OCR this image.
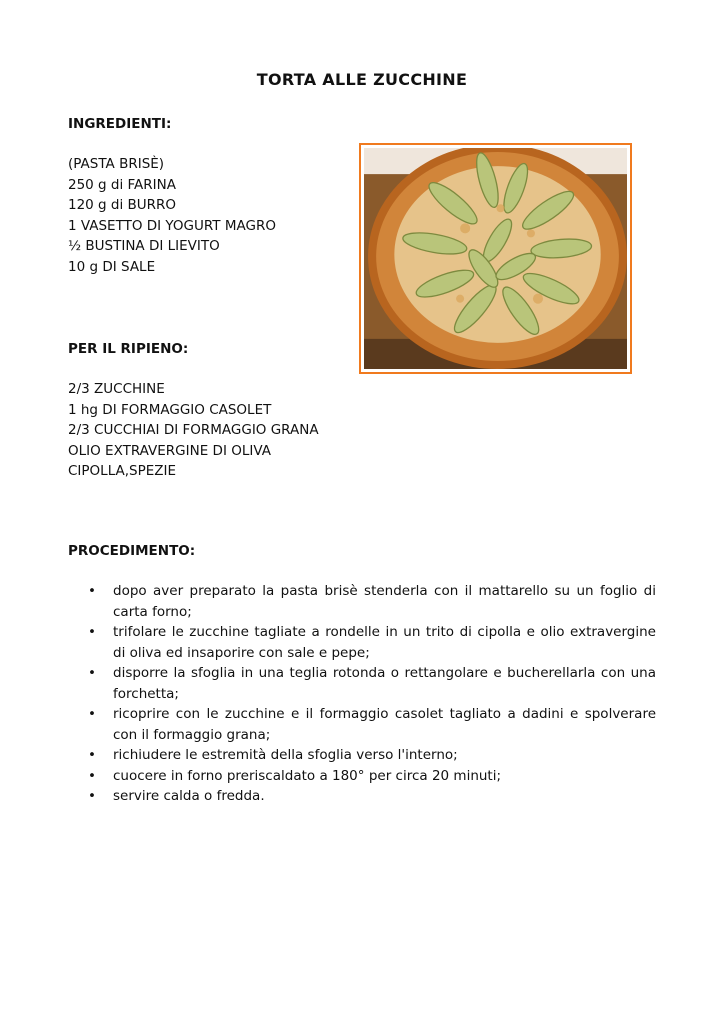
TORTA ALLE ZUCCHINE
INGREDIENTI:
(PASTA BRISÈ)
250 g di FARINA
120 g di BURRO
1 VASETTO DI YOGURT MAGRO
½ BUSTINA DI LIEVITO
10 g DI SALE
PER IL RIPIENO:
2/3 ZUCCHINE
1 hg DI FORMAGGIO CASOLET
2/3 CUCCHIAI DI FORMAGGIO GRANA
OLIO EXTRAVERGINE DI OLIVA
CIPOLLA,SPEZIE
PROCEDIMENTO:
• dopo aver preparato la pasta brisè stenderla con il mattarello su un foglio di carta forno;
• trifolare le zucchine tagliate a rondelle in un trito di cipolla e olio extravergine di oliva ed insaporire con sale e pepe;
• disporre la sfoglia in una teglia rotonda o rettangolare e bucherellarla con una forchetta;
• ricoprire con le zucchine e il formaggio casolet tagliato a dadini e spolverare con il formaggio grana;
• richiudere le estremità della sfoglia verso l'interno;
• cuocere in forno preriscaldato a 180° per circa 20 minuti;
• servire calda o fredda.
